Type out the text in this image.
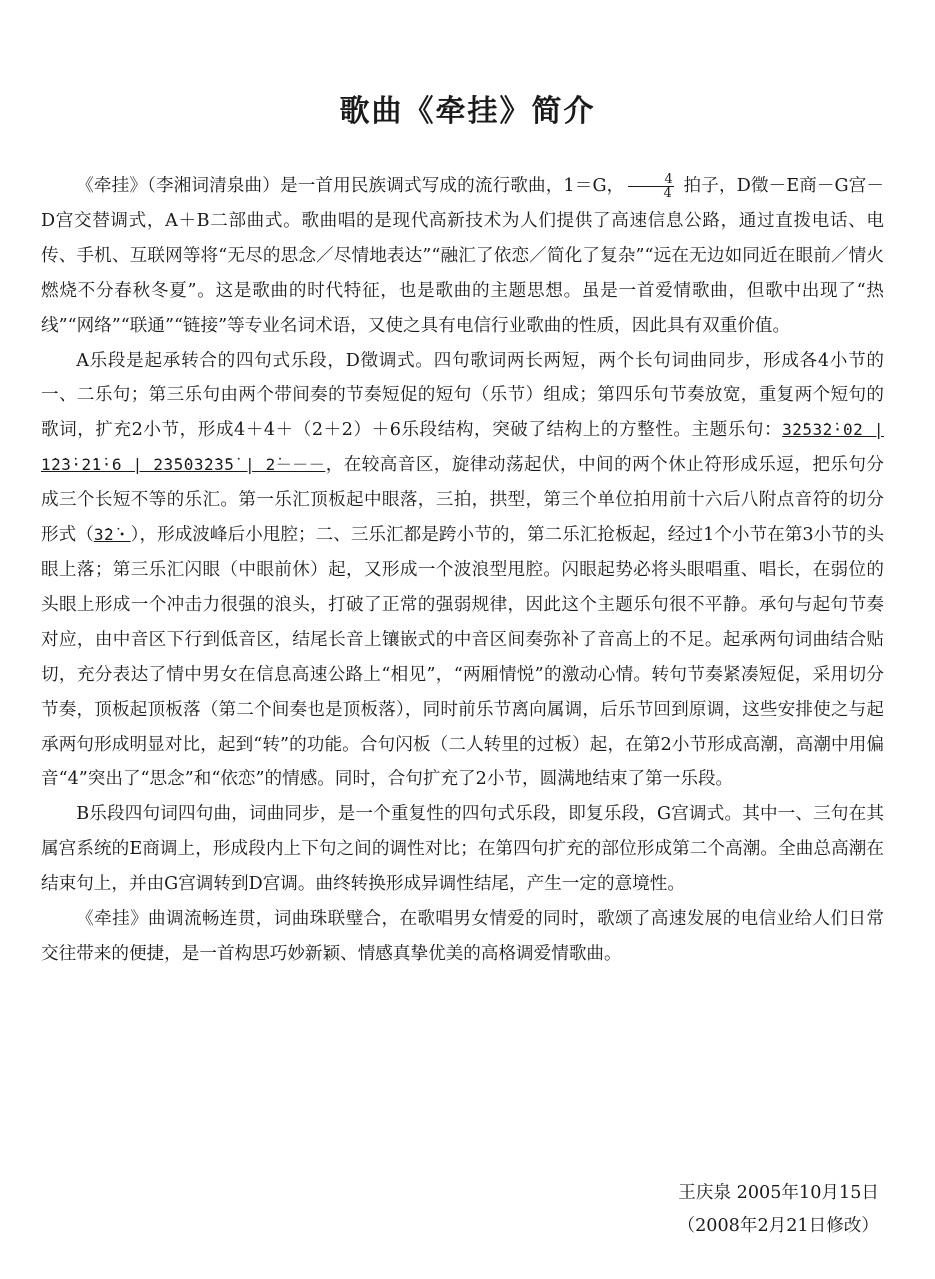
歌曲《牵挂》简介

《牵挂》（李湘词清泉曲）是一首用民族调式写成的流行歌曲，1＝G， $\frac{4}{4}$ 拍子，D徵－E商－G宫－D宫交替调式，A＋B二部曲式。歌曲唱的是现代高新技术为人们提供了高速信息公路，通过直拨电话、电传、手机、互联网等将“无尽的思念／尽情地表达”“融汇了依恋／简化了复杂”“远在无边如同近在眼前／情火燃烧不分春秋冬夏”。这是歌曲的时代特征，也是歌曲的主题思想。虽是一首爱情歌曲，但歌中出现了“热线”“网络”“联通”“链接”等专业名词术语，又使之具有电信行业歌曲的性质，因此具有双重价值。

A乐段是起承转合的四句式乐段，D徵调式。四句歌词两长两短，两个长句词曲同步，形成各4小节的一、二乐句；第三乐句由两个带间奏的节奏短促的短句（乐节）组成；第四乐句节奏放宽，重复两个短句的歌词，扩充2小节，形成4＋4＋（2＋2）＋6乐段结构，突破了结构上的方整性。主题乐句：3̇2̇53̇2̇·02 | 1̇2̇3̇·2̇1̇·6 | 2̇3̇5̇03̇2̇3̇5̇ | 2̇－－－，在较高音区，旋律动荡起伏，中间的两个休止符形成乐逗，把乐句分成三个长短不等的乐汇。第一乐汇顶板起中眼落，三拍，拱型，第三个单位拍用前十六后八附点音符的切分形式（3̇2̇・），形成波峰后小甩腔；二、三乐汇都是跨小节的，第二乐汇抢板起，经过1个小节在第3小节的头眼上落；第三乐汇闪眼（中眼前休）起，又形成一个波浪型甩腔。闪眼起势必将头眼唱重、唱长，在弱位的头眼上形成一个冲击力很强的浪头，打破了正常的强弱规律，因此这个主题乐句很不平静。承句与起句节奏对应，由中音区下行到低音区，结尾长音上镶嵌式的中音区间奏弥补了音高上的不足。起承两句词曲结合贴切，充分表达了情中男女在信息高速公路上“相见”，“两厢情悦”的激动心情。转句节奏紧凑短促，采用切分节奏，顶板起顶板落（第二个间奏也是顶板落），同时前乐节离向属调，后乐节回到原调，这些安排使之与起承两句形成明显对比，起到“转”的功能。合句闪板（二人转里的过板）起，在第2小节形成高潮，高潮中用偏音“4̇”突出了“思念”和“依恋”的情感。同时，合句扩充了2小节，圆满地结束了第一乐段。

B乐段四句词四句曲，词曲同步，是一个重复性的四句式乐段，即复乐段，G宫调式。其中一、三句在其属宫系统的E商调上，形成段内上下句之间的调性对比；在第四句扩充的部位形成第二个高潮。全曲总高潮在结束句上，并由G宫调转到D宫调。曲终转换形成异调性结尾，产生一定的意境性。

《牵挂》曲调流畅连贯，词曲珠联璧合，在歌唱男女情爱的同时，歌颂了高速发展的电信业给人们日常交往带来的便捷，是一首构思巧妙新颖、情感真挚优美的高格调爱情歌曲。

王庆泉 2005年10月15日
（2008年2月21日修改）
